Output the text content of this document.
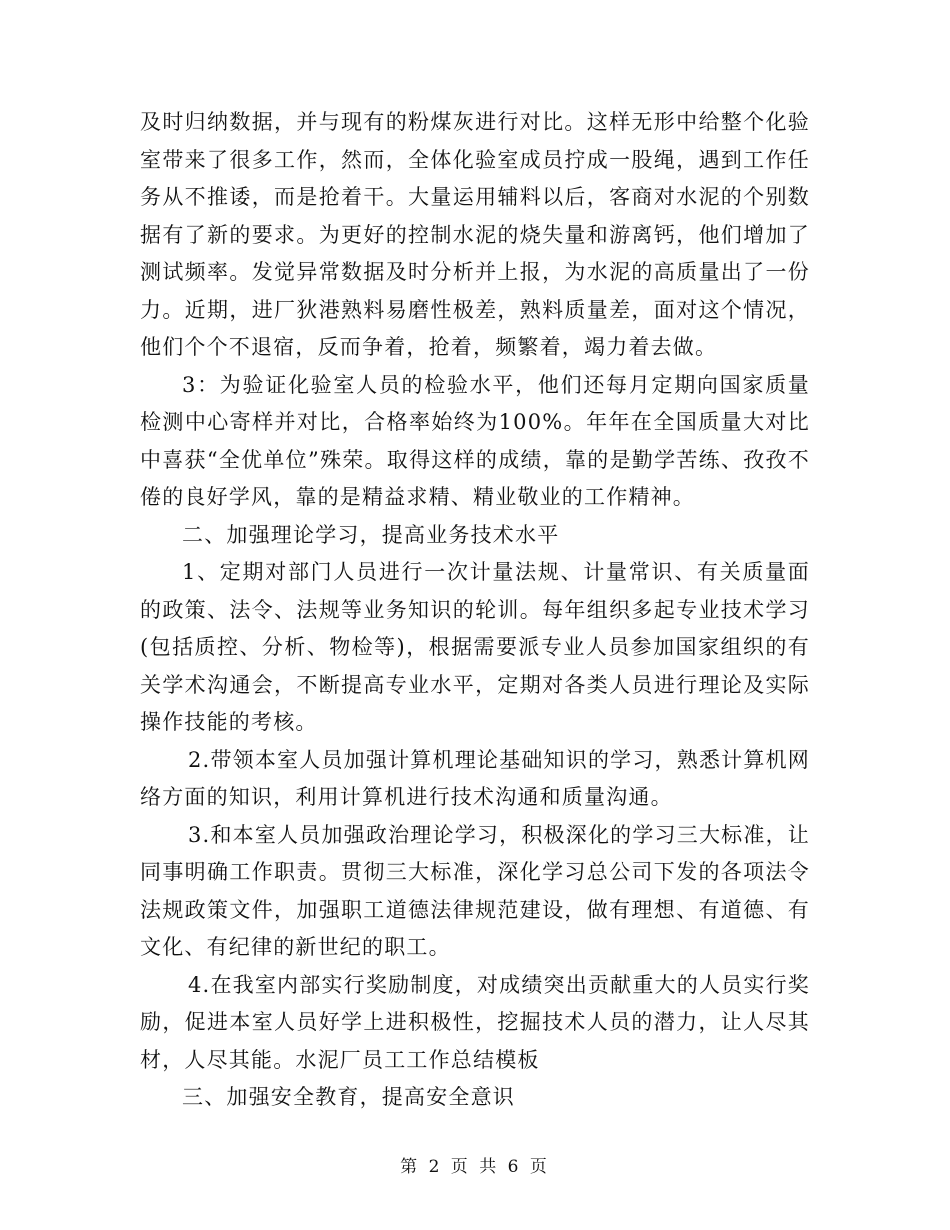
及时归纳数据，并与现有的粉煤灰进行对比。这样无形中给整个化验室带来了很多工作，然而，全体化验室成员拧成一股绳，遇到工作任务从不推诿，而是抢着干。大量运用辅料以后，客商对水泥的个别数据有了新的要求。为更好的控制水泥的烧失量和游离钙，他们增加了测试频率。发觉异常数据及时分析并上报，为水泥的高质量出了一份力。近期，进厂狄港熟料易磨性极差，熟料质量差，面对这个情况，他们个个不退宿，反而争着，抢着，频繁着，竭力着去做。

3：为验证化验室人员的检验水平，他们还每月定期向国家质量检测中心寄样并对比，合格率始终为100%。年年在全国质量大对比中喜获“全优单位”殊荣。取得这样的成绩，靠的是勤学苦练、孜孜不倦的良好学风，靠的是精益求精、精业敬业的工作精神。

二、加强理论学习，提高业务技术水平

1、定期对部门人员进行一次计量法规、计量常识、有关质量面的政策、法令、法规等业务知识的轮训。每年组织多起专业技术学习(包括质控、分析、物检等)，根据需要派专业人员参加国家组织的有关学术沟通会，不断提高专业水平，定期对各类人员进行理论及实际操作技能的考核。

2.带领本室人员加强计算机理论基础知识的学习，熟悉计算机网络方面的知识，利用计算机进行技术沟通和质量沟通。

3.和本室人员加强政治理论学习，积极深化的学习三大标准，让同事明确工作职责。贯彻三大标准，深化学习总公司下发的各项法令法规政策文件，加强职工道德法律规范建设，做有理想、有道德、有文化、有纪律的新世纪的职工。

4.在我室内部实行奖励制度，对成绩突出贡献重大的人员实行奖励，促进本室人员好学上进积极性，挖掘技术人员的潜力，让人尽其材，人尽其能。水泥厂员工工作总结模板

三、加强安全教育，提高安全意识

第 2 页 共 6 页
